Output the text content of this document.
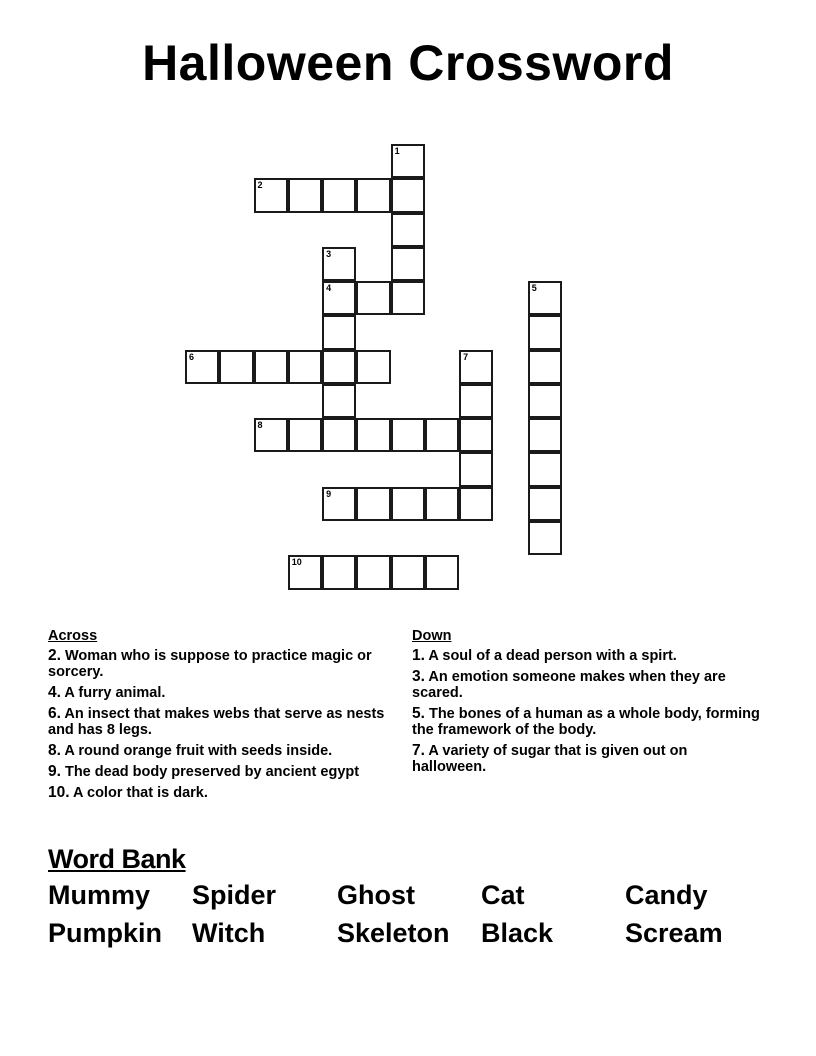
Halloween Crossword
1
2
3
4	5
6	7
8
9
10
Across
2. Woman who is suppose to practice magic or sorcery.
4. A furry animal.
6. An insect that makes webs that serve as nests and has 8 legs.
8. A round orange fruit with seeds inside.
9. The dead body preserved by ancient egypt
10. A color that is dark.
Down
1. A soul of a dead person with a spirt.
3. An emotion someone makes when they are scared.
5. The bones of a human as a whole body, forming the framework of the body.
7. A variety of sugar that is given out on halloween.
Word Bank
Mummy Spider Ghost Cat	Candy
Pumpkin Witch	Skeleton Black	Scream
